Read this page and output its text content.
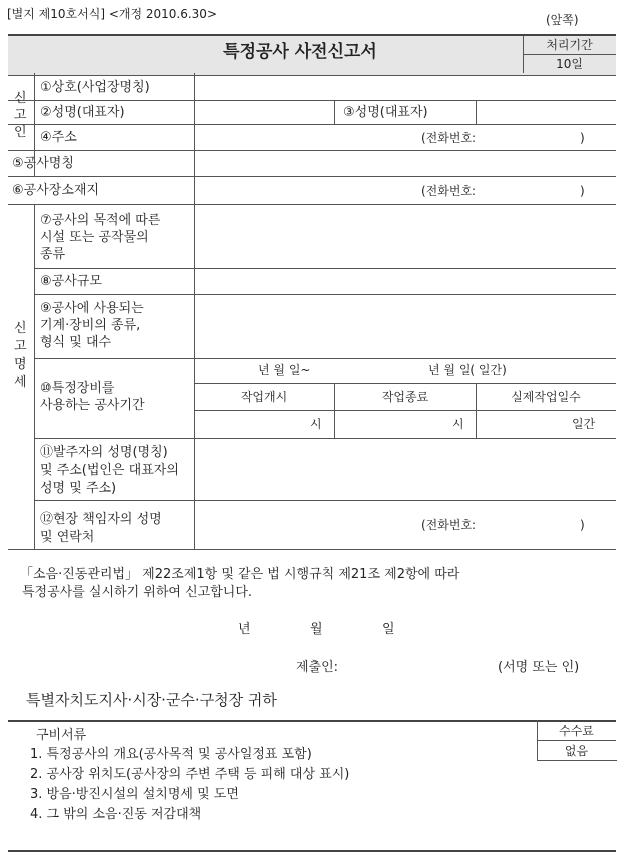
[별지 제10호서식] <개정 2010.6.30>	(앞쪽)
특정공사 사전신고서	처리기간
10일
신
고
인
①상호(사업장명칭)
②성명(대표자)	③성명(대표자)
④주소	(전화번호:	)
⑤공사명칭
⑥공사장소재지	(전화번호:	)
신
고
명
세
⑦공사의 목적에 따른
시설 또는 공작물의
종류
⑧공사규모
⑨공사에 사용되는
기계·장비의 종류,
형식 및 대수
⑩특정장비를
사용하는 공사기간
년 월 일~	년 월 일( 일간)
작업개시	작업종료	실제작업일수
시	시	일간
⑪발주자의 성명(명칭)
및 주소(법인은 대표자의
성명 및 주소)
⑫현장 책임자의 성명
및 연락처
(전화번호:	)
「소음·진동관리법」 제22조제1항 및 같은 법 시행규칙 제21조 제2항에 따라
특정공사를 실시하기 위하여 신고합니다.
년	월	일
제출인:	(서명 또는 인)
특별자치도지사·시장·군수·구청장 귀하
구비서류
1. 특정공사의 개요(공사목적 및 공사일정표 포함)
2. 공사장 위치도(공사장의 주변 주택 등 피해 대상 표시)
3. 방음·방진시설의 설치명세 및 도면
4. 그 밖의 소음·진동 저감대책
수수료
없음
